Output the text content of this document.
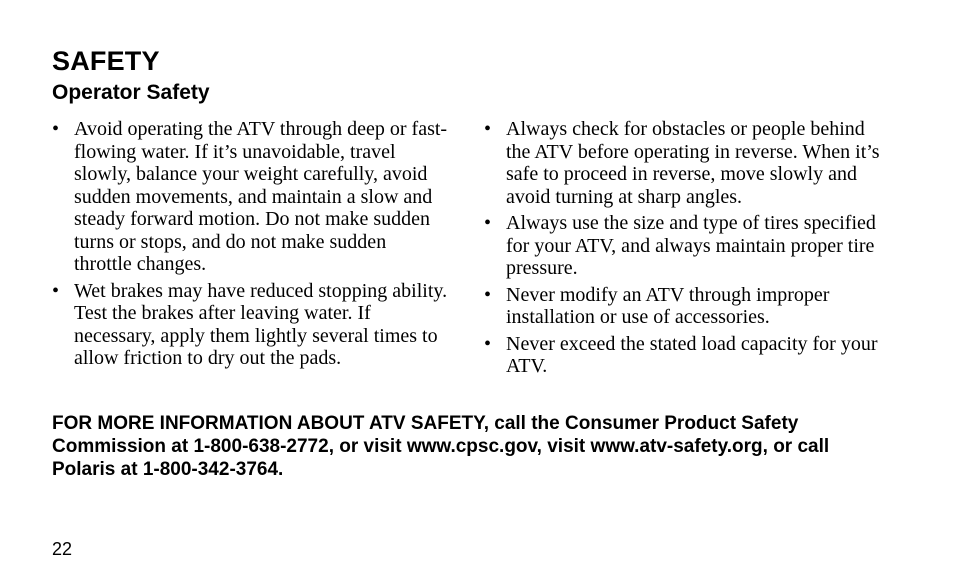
SAFETY
Operator Safety
• Avoid operating the ATV through deep or fast-flowing water. If it’s unavoidable, travel slowly, balance your weight carefully, avoid sudden movements, and maintain a slow and steady forward motion. Do not make sudden turns or stops, and do not make sudden throttle changes.
• Wet brakes may have reduced stopping ability. Test the brakes after leaving water. If necessary, apply them lightly several times to allow friction to dry out the pads.
• Always check for obstacles or people behind the ATV before operating in reverse. When it’s safe to proceed in reverse, move slowly and avoid turning at sharp angles.
• Always use the size and type of tires specified for your ATV, and always maintain proper tire pressure.
• Never modify an ATV through improper installation or use of accessories.
• Never exceed the stated load capacity for your ATV.

FOR MORE INFORMATION ABOUT ATV SAFETY, call the Consumer Product Safety Commission at 1-800-638-2772, or visit www.cpsc.gov, visit www.atv-safety.org, or call Polaris at 1-800-342-3764.

22
